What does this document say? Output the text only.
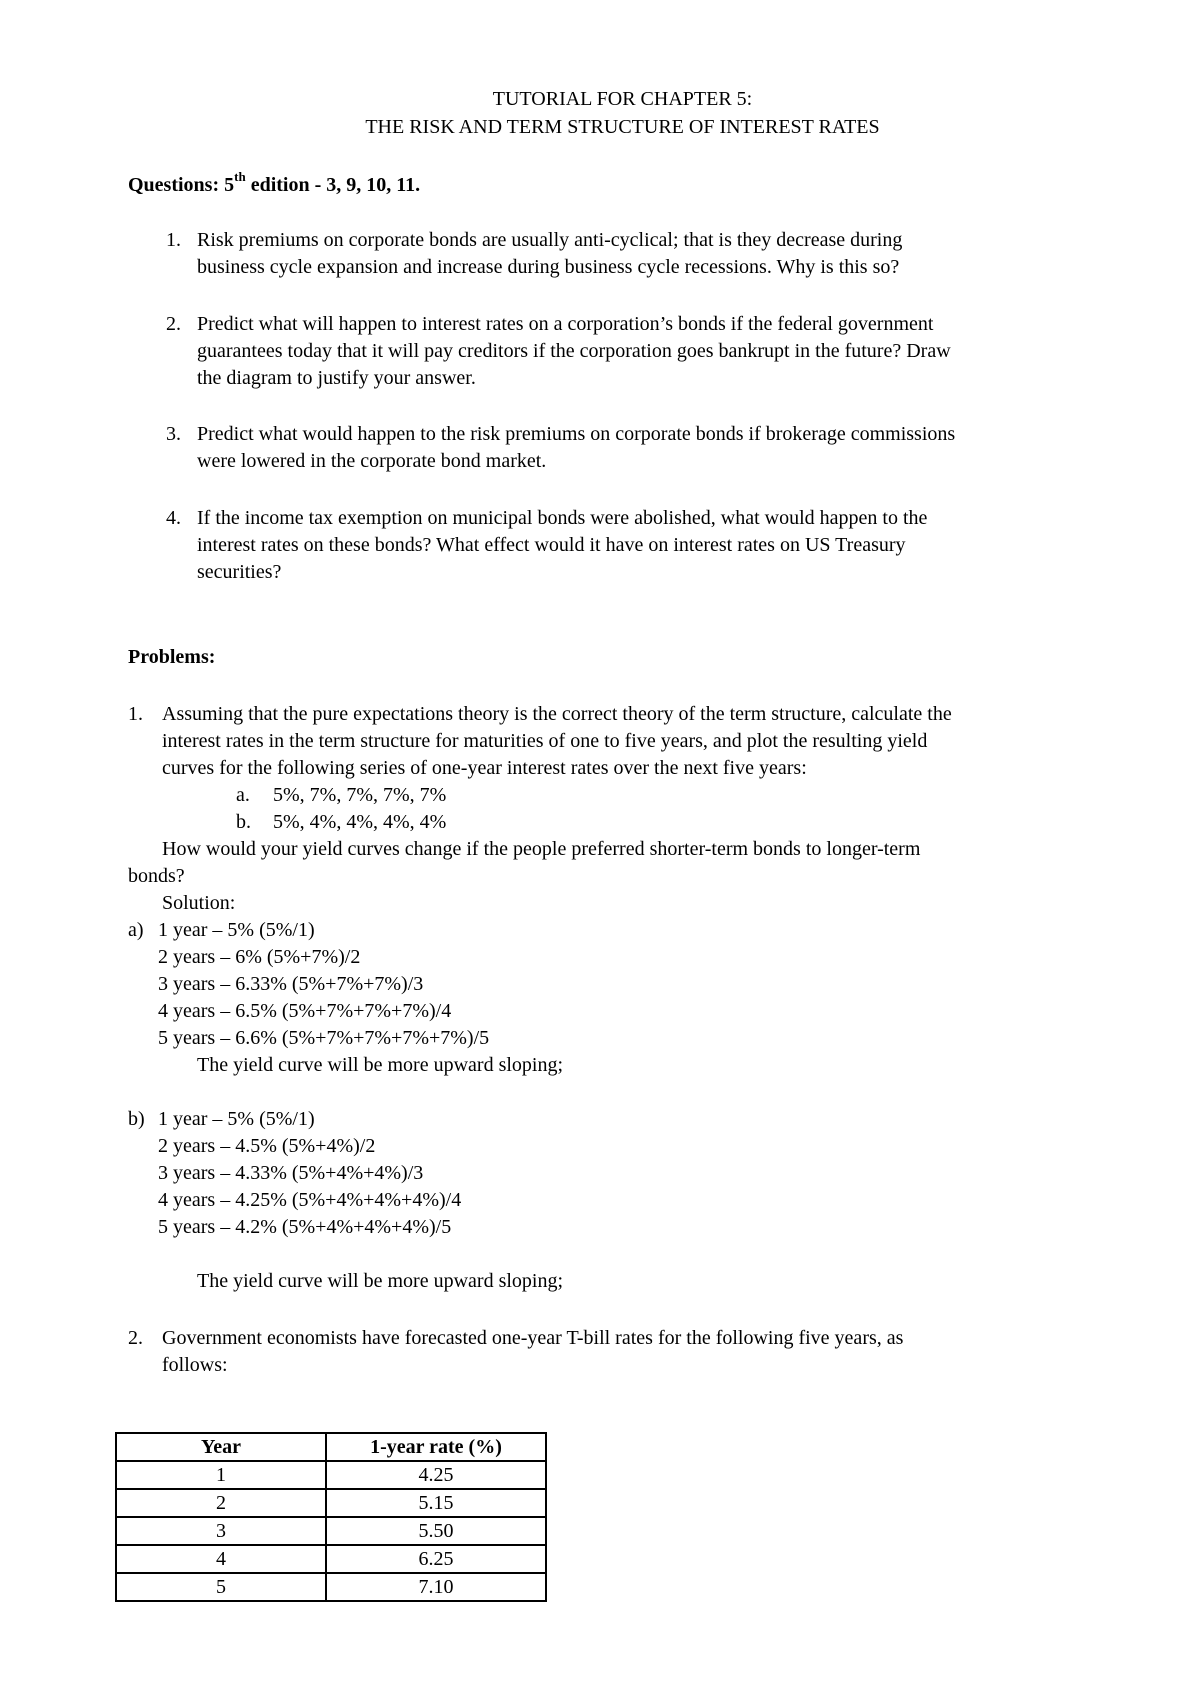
TUTORIAL FOR CHAPTER 5:
THE RISK AND TERM STRUCTURE OF INTEREST RATES
Questions: 5th edition - 3, 9, 10, 11.
1. Risk premiums on corporate bonds are usually anti-cyclical; that is they decrease during
business cycle expansion and increase during business cycle recessions. Why is this so?
2. Predict what will happen to interest rates on a corporation’s bonds if the federal government
guarantees today that it will pay creditors if the corporation goes bankrupt in the future? Draw
the diagram to justify your answer.
3. Predict what would happen to the risk premiums on corporate bonds if brokerage commissions
were lowered in the corporate bond market.
4. If the income tax exemption on municipal bonds were abolished, what would happen to the
interest rates on these bonds? What effect would it have on interest rates on US Treasury
securities?
Problems:
1. Assuming that the pure expectations theory is the correct theory of the term structure, calculate the
interest rates in the term structure for maturities of one to five years, and plot the resulting yield
curves for the following series of one-year interest rates over the next five years:
a. 5%, 7%, 7%, 7%, 7%
b. 5%, 4%, 4%, 4%, 4%
How would your yield curves change if the people preferred shorter-term bonds to longer-term
bonds?
Solution:
a) 1 year – 5% (5%/1)
2 years – 6% (5%+7%)/2
3 years – 6.33% (5%+7%+7%)/3
4 years – 6.5% (5%+7%+7%+7%)/4
5 years – 6.6% (5%+7%+7%+7%+7%)/5
The yield curve will be more upward sloping;
b) 1 year – 5% (5%/1)
2 years – 4.5% (5%+4%)/2
3 years – 4.33% (5%+4%+4%)/3
4 years – 4.25% (5%+4%+4%+4%)/4
5 years – 4.2% (5%+4%+4%+4%)/5
The yield curve will be more upward sloping;
2. Government economists have forecasted one-year T-bill rates for the following five years, as
follows:
Year	1-year rate (%)
1	4.25
2	5.15
3	5.50
4	6.25
5	7.10
